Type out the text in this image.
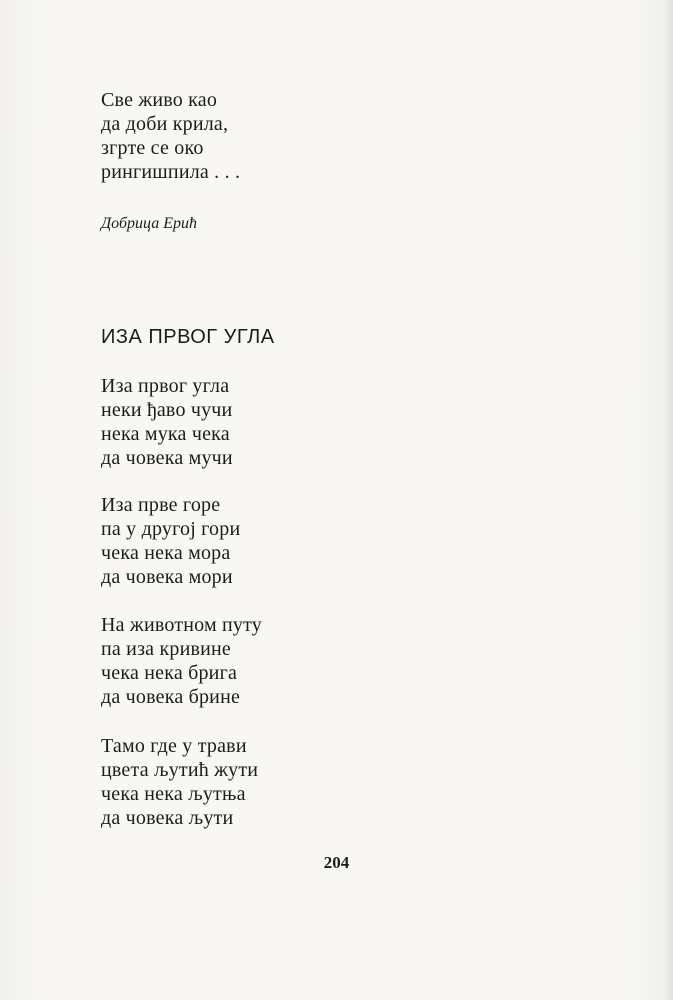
Све живо као
да доби крила,
згрте се око
рингишпила . . .
Добрица Ерић
ИЗА ПРВОГ УГЛА
Иза првог угла
неки ђаво чучи
нека мука чека
да човека мучи
Иза прве горе
па у другој гори
чека нека мора
да човека мори
На животном путу
па иза кривине
чека нека брига
да човека брине
Тамо где у трави
цвета љутић жути
чека нека љутња
да човека љути
204
